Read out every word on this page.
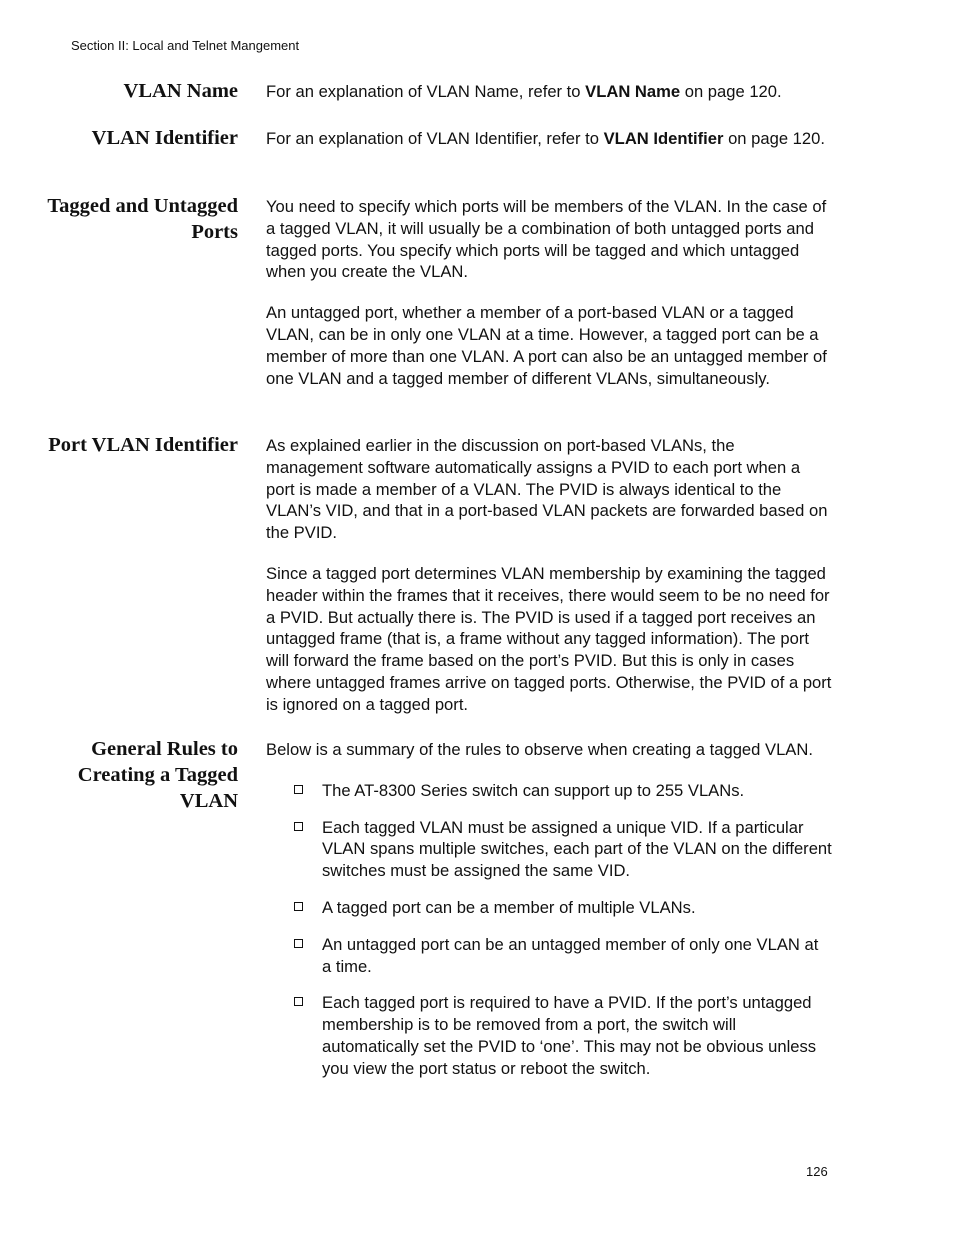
Section II: Local and Telnet Mangement
VLAN Name For an explanation of VLAN Name, refer to VLAN Name on page 120.

VLAN Identifier For an explanation of VLAN Identifier, refer to VLAN Identifier on page 120.

Tagged and Untagged Ports

You need to specify which ports will be members of the VLAN. In the case of a tagged VLAN, it will usually be a combination of both untagged ports and tagged ports. You specify which ports will be tagged and which untagged when you create the VLAN.

An untagged port, whether a member of a port-based VLAN or a tagged VLAN, can be in only one VLAN at a time. However, a tagged port can be a member of more than one VLAN. A port can also be an untagged member of one VLAN and a tagged member of different VLANs, simultaneously.

Port VLAN Identifier As explained earlier in the discussion on port-based VLANs, the management software automatically assigns a PVID to each port when a port is made a member of a VLAN. The PVID is always identical to the VLAN’s VID, and that in a port-based VLAN packets are forwarded based on the PVID.

Since a tagged port determines VLAN membership by examining the tagged header within the frames that it receives, there would seem to be no need for a PVID. But actually there is. The PVID is used if a tagged port receives an untagged frame (that is, a frame without any tagged information). The port will forward the frame based on the port’s PVID. But this is only in cases where untagged frames arrive on tagged ports. Otherwise, the PVID of a port is ignored on a tagged port.

General Rules to Creating a Tagged VLAN

Below is a summary of the rules to observe when creating a tagged VLAN.

The AT-8300 Series switch can support up to 255 VLANs.
Each tagged VLAN must be assigned a unique VID. If a particular VLAN spans multiple switches, each part of the VLAN on the different switches must be assigned the same VID.
A tagged port can be a member of multiple VLANs.
An untagged port can be an untagged member of only one VLAN at a time.
Each tagged port is required to have a PVID. If the port’s untagged membership is to be removed from a port, the switch will automatically set the PVID to ‘one’. This may not be obvious unless you view the port status or reboot the switch.
126
